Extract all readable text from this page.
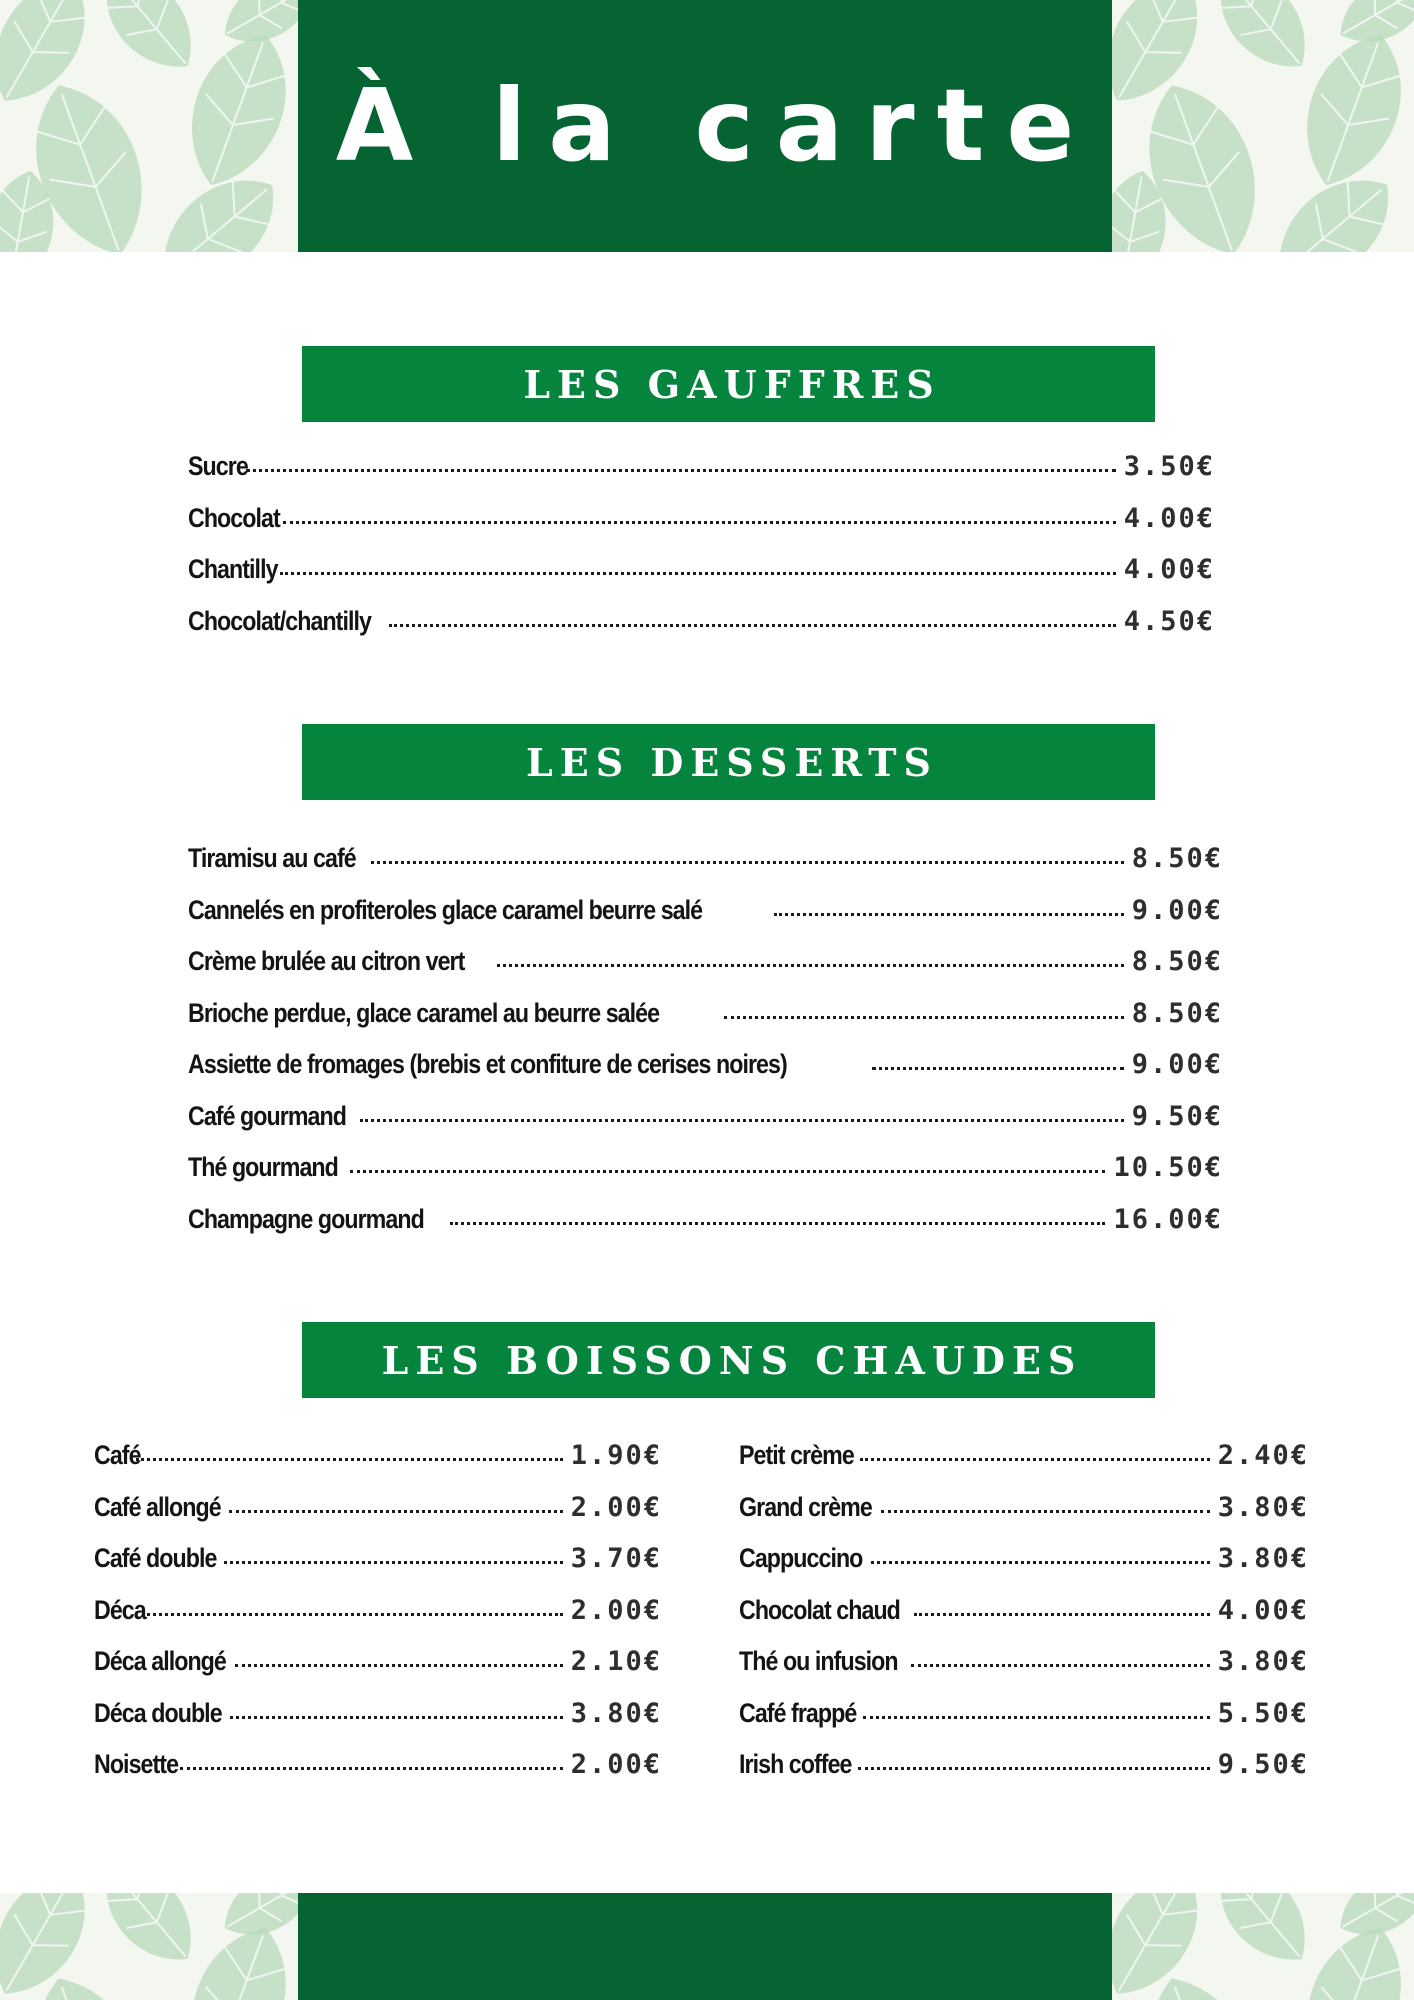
À la carte
LES GAUFFRES
Sucre	3.50€
Chocolat	4.00€
Chantilly	4.00€
Chocolat/chantilly	4.50€
LES DESSERTS
Tiramisu au café	8.50€
Cannelés en profiteroles glace caramel beurre salé	9.00€
Crème brulée au citron vert	8.50€
Brioche perdue, glace caramel au beurre salée	8.50€
Assiette de fromages (brebis et confiture de cerises noires)	9.00€
Café gourmand	9.50€
Thé gourmand	10.50€
Champagne gourmand	16.00€
LES BOISSONS CHAUDES
Café	1.90€
Café allongé	2.00€
Café double	3.70€
Déca	2.00€
Déca allongé	2.10€
Déca double	3.80€
Noisette	2.00€
Petit crème	2.40€
Grand crème	3.80€
Cappuccino	3.80€
Chocolat chaud	4.00€
Thé ou infusion	3.80€
Café frappé	5.50€
Irish coffee	9.50€
